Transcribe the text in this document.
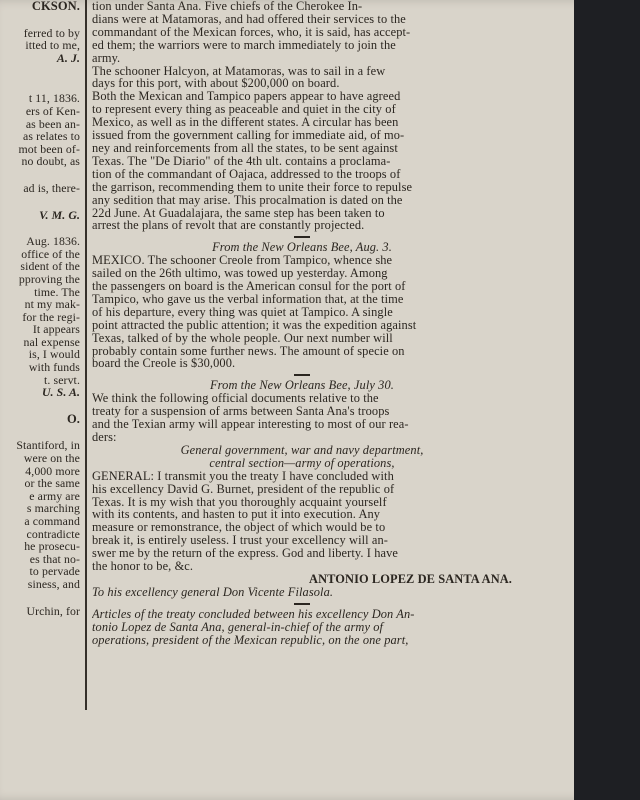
CKSON.

ferred to by

itted to me,

A. J.

t 11, 1836.

ers of Ken-

as been an-

as relates to

mot been of-

no doubt, as

ad is, there-

V. M. G.

Aug. 1836.

office of the

sident of the

pproving the

time. The

nt my mak-

for the regi-

It appears

nal expense

is, I would

with funds

t. servt.

U. S. A.

O.

Stantiford, in

were on the

4,000 more

or the same

e army are

s marching

a command

contradicte

he prosecu-

es that no-

to pervade

siness, and

Urchin, for

tion under Santa Ana. Five chiefs of the Cherokee In-

dians were at Matamoras, and had offered their services to the

commandant of the Mexican forces, who, it is said, has accept-

ed them; the warriors were to march immediately to join the

army.

The schooner Halcyon, at Matamoras, was to sail in a few

days for this port, with about $200,000 on board.

Both the Mexican and Tampico papers appear to have agreed

to represent every thing as peaceable and quiet in the city of

Mexico, as well as in the different states. A circular has been

issued from the government calling for immediate aid, of mo-

ney and reinforcements from all the states, to be sent against

Texas. The "De Diario" of the 4th ult. contains a proclama-

tion of the commandant of Oajaca, addressed to the troops of

the garrison, recommending them to unite their force to repulse

any sedition that may arise. This procalmation is dated on the

22d June. At Guadalajara, the same step has been taken to

arrest the plans of revolt that are constantly projected.

From the New Orleans Bee, Aug. 3.

MEXICO. The schooner Creole from Tampico, whence she

sailed on the 26th ultimo, was towed up yesterday. Among

the passengers on board is the American consul for the port of

Tampico, who gave us the verbal information that, at the time

of his departure, every thing was quiet at Tampico. A single

point attracted the public attention; it was the expedition against

Texas, talked of by the whole people. Our next number will

probably contain some further news. The amount of specie on

board the Creole is $30,000.

From the New Orleans Bee, July 30.

We think the following official documents relative to the

treaty for a suspension of arms between Santa Ana's troops

and the Texian army will appear interesting to most of our rea-

ders:

General government, war and navy department,

central section—army of operations,

GENERAL: I transmit you the treaty I have concluded with

his excellency David G. Burnet, president of the republic of

Texas. It is my wish that you thoroughly acquaint yourself

with its contents, and hasten to put it into execution. Any

measure or remonstrance, the object of which would be to

break it, is entirely useless. I trust your excellency will an-

swer me by the return of the express. God and liberty. I have

the honor to be, &c.

ANTONIO LOPEZ DE SANTA ANA.

To his excellency general Don Vicente Filasola.

Articles of the treaty concluded between his excellency Don An-

tonio Lopez de Santa Ana, general-in-chief of the army of

operations, president of the Mexican republic, on the one part,
